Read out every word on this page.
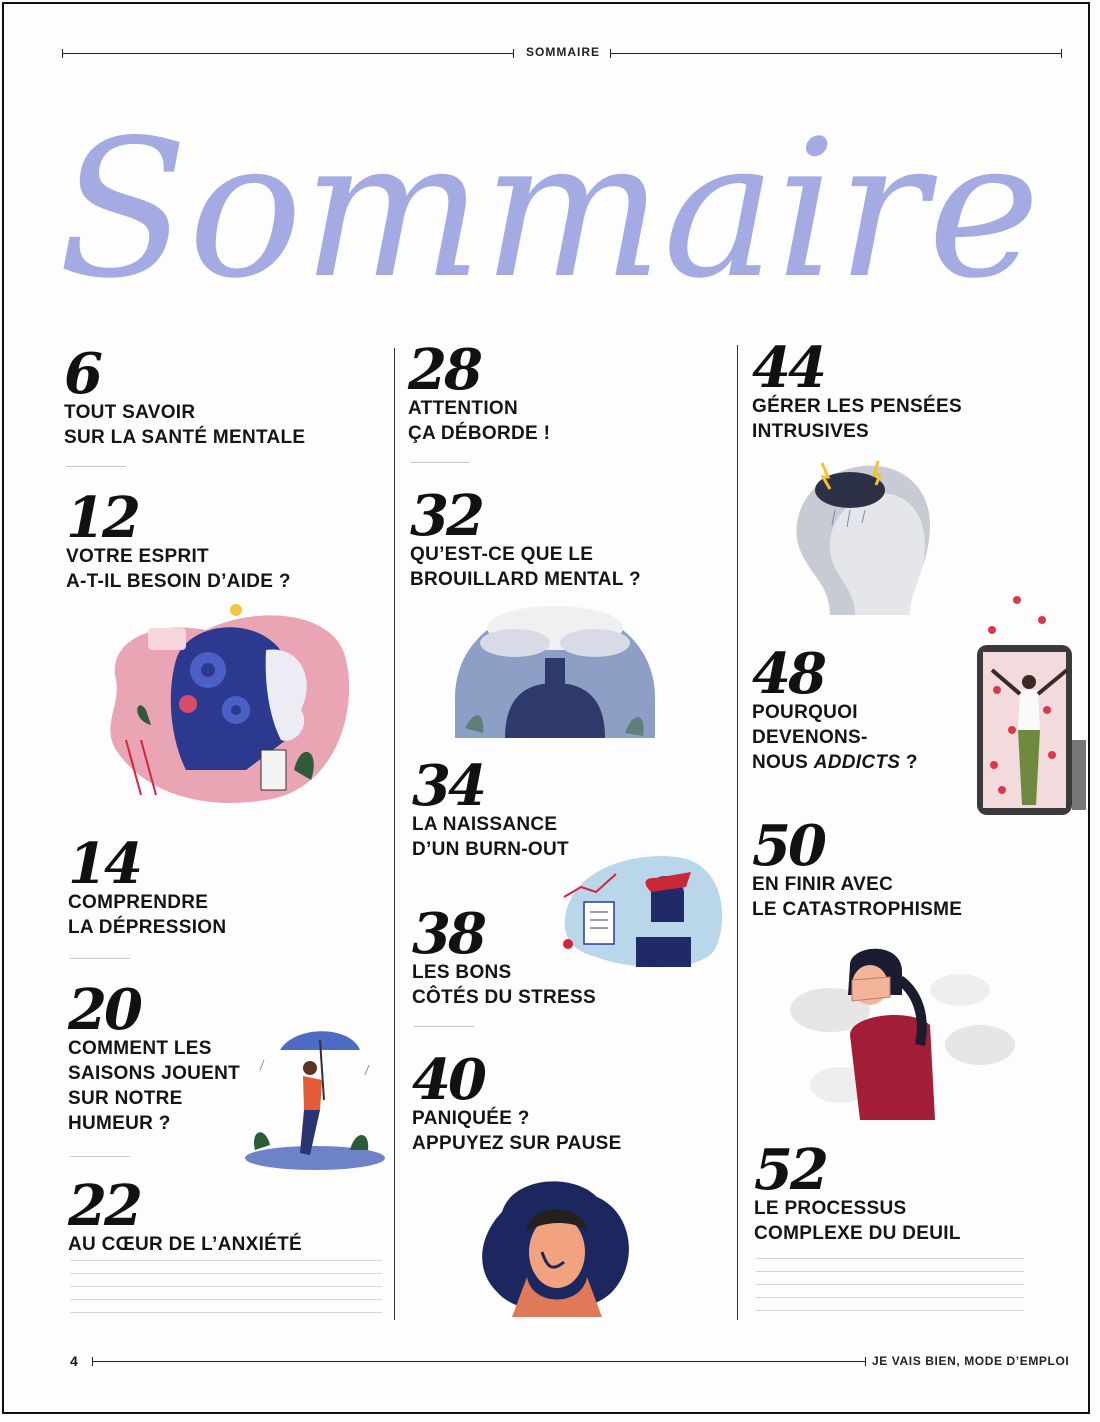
SOMMAIRE
Sommaire
6
TOUT SAVOIR
SUR LA SANTÉ MENTALE
12
VOTRE ESPRIT
A-T-IL BESOIN D’AIDE ?
14
COMPRENDRE
LA DÉPRESSION
20
COMMENT LES
SAISONS JOUENT
SUR NOTRE
HUMEUR ?
22
AU CŒUR DE L’ANXIÉTÉ
28
ATTENTION
ÇA DÉBORDE !
32
QU’EST-CE QUE LE
BROUILLARD MENTAL ?
34
LA NAISSANCE
D’UN BURN-OUT
38
LES BONS
CÔTÉS DU STRESS
40
PANIQUÉE ?
APPUYEZ SUR PAUSE
44
GÉRER LES PENSÉES
INTRUSIVES
48
POURQUOI
DEVENONS-
NOUS ADDICTS ?
50
EN FINIR AVEC
LE CATASTROPHISME
52
LE PROCESSUS
COMPLEXE DU DEUIL
4	JE VAIS BIEN, MODE D’EMPLOI
